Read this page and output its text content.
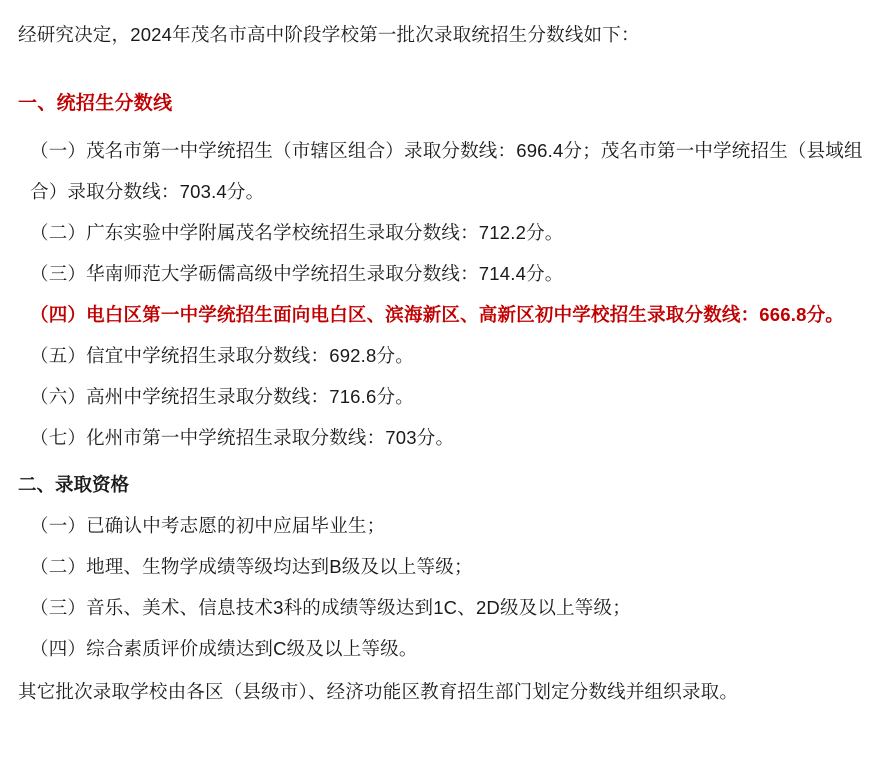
经研究决定，2024年茂名市高中阶段学校第一批次录取统招生分数线如下：

一、统招生分数线

（一）茂名市第一中学统招生（市辖区组合）录取分数线：696.4分；茂名市第一中学统招生（县域组合）录取分数线：703.4分。

（二）广东实验中学附属茂名学校统招生录取分数线：712.2分。

（三）华南师范大学砺儒高级中学统招生录取分数线：714.4分。

（四）电白区第一中学统招生面向电白区、滨海新区、高新区初中学校招生录取分数线：666.8分。

（五）信宜中学统招生录取分数线：692.8分。

（六）高州中学统招生录取分数线：716.6分。

（七）化州市第一中学统招生录取分数线：703分。

二、录取资格

（一）已确认中考志愿的初中应届毕业生；

（二）地理、生物学成绩等级均达到B级及以上等级；

（三）音乐、美术、信息技术3科的成绩等级达到1C、2D级及以上等级；

（四）综合素质评价成绩达到C级及以上等级。

其它批次录取学校由各区（县级市）、经济功能区教育招生部门划定分数线并组织录取。
